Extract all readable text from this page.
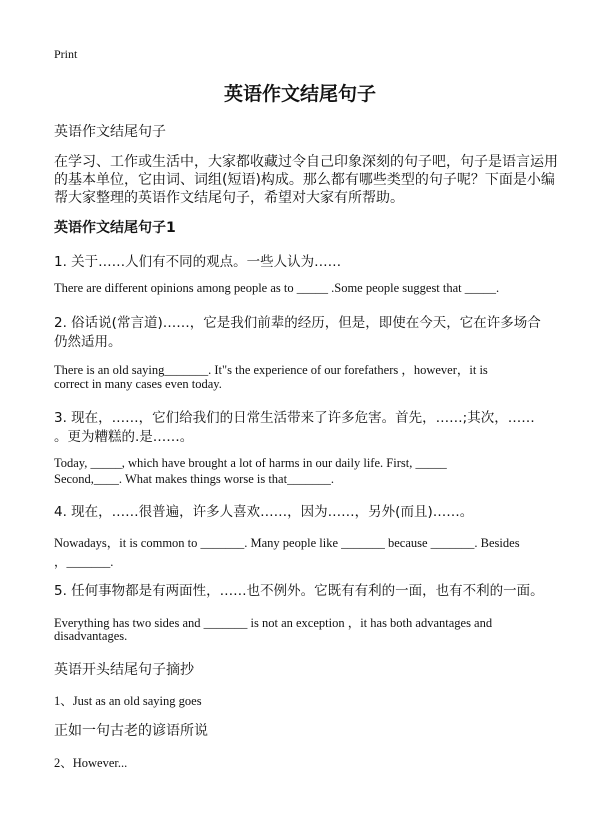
Print
英语作文结尾句子
英语作文结尾句子
在学习、工作或生活中，大家都收藏过令自己印象深刻的句子吧，句子是语言运用
的基本单位，它由词、词组(短语)构成。那么都有哪些类型的句子呢？下面是小编
帮大家整理的英语作文结尾句子，希望对大家有所帮助。
英语作文结尾句子1
1. 关于……人们有不同的观点。一些人认为……
There are different opinions among people as to _____ .Some people suggest that _____.
2. 俗话说(常言道)……，它是我们前辈的经历，但是，即使在今天，它在许多场合
仍然适用。
There is an old saying_______. It"s the experience of our forefathers ，however，it is
correct in many cases even today.
3. 现在，……，它们给我们的日常生活带来了许多危害。首先，……;其次，……
。更为糟糕的.是……。
Today, _____, which have brought a lot of harms in our daily life. First, _____
Second,____. What makes things worse is that_______.
4. 现在，……很普遍，许多人喜欢……，因为……，另外(而且)……。
Nowadays，it is common to _______. Many people like _______ because _______. Besides
，_______.
5. 任何事物都是有两面性，……也不例外。它既有有利的一面，也有不利的一面。
Everything has two sides and _______ is not an exception ，it has both advantages and
disadvantages.
英语开头结尾句子摘抄
1、Just as an old saying goes
正如一句古老的谚语所说
2、However...
